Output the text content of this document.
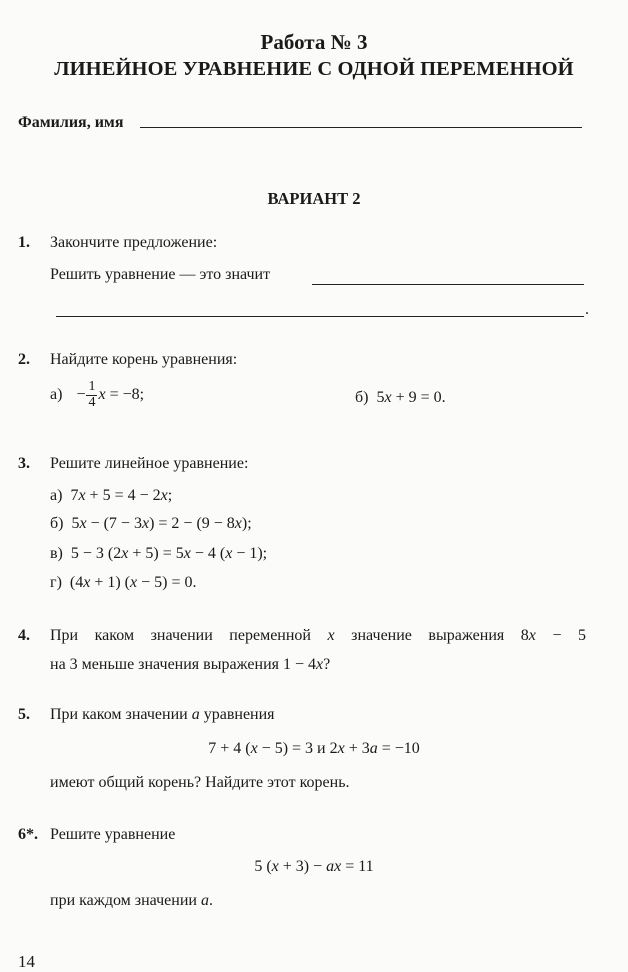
Работа № 3
ЛИНЕЙНОЕ УРАВНЕНИЕ С ОДНОЙ ПЕРЕМЕННОЙ
Фамилия, имя
ВАРИАНТ 2
1. Закончите предложение:
Решить уравнение — это значит
.
2. Найдите корень уравнения:
$а) - \frac{1}{4}$ x = −8;	б) 5x + 9 = 0.
3. Решите линейное уравнение:
а) 7x + 5 = 4 − 2x;
б) 5x − (7 − 3x) = 2 − (9 − 8x);
в) 5 − 3 (2x + 5) = 5x − 4 (x − 1);
г) (4x + 1) (x − 5) = 0.
4. При каком значении переменной x значение выражения 8x − 5
на 3 меньше значения выражения 1 − 4x?
5. При каком значении a уравнения
7 + 4 (x − 5) = 3 и 2x + 3a = −10
имеют общий корень? Найдите этот корень.
6*. Решите уравнение
5 (x + 3) − ax = 11
при каждом значении a.
14
